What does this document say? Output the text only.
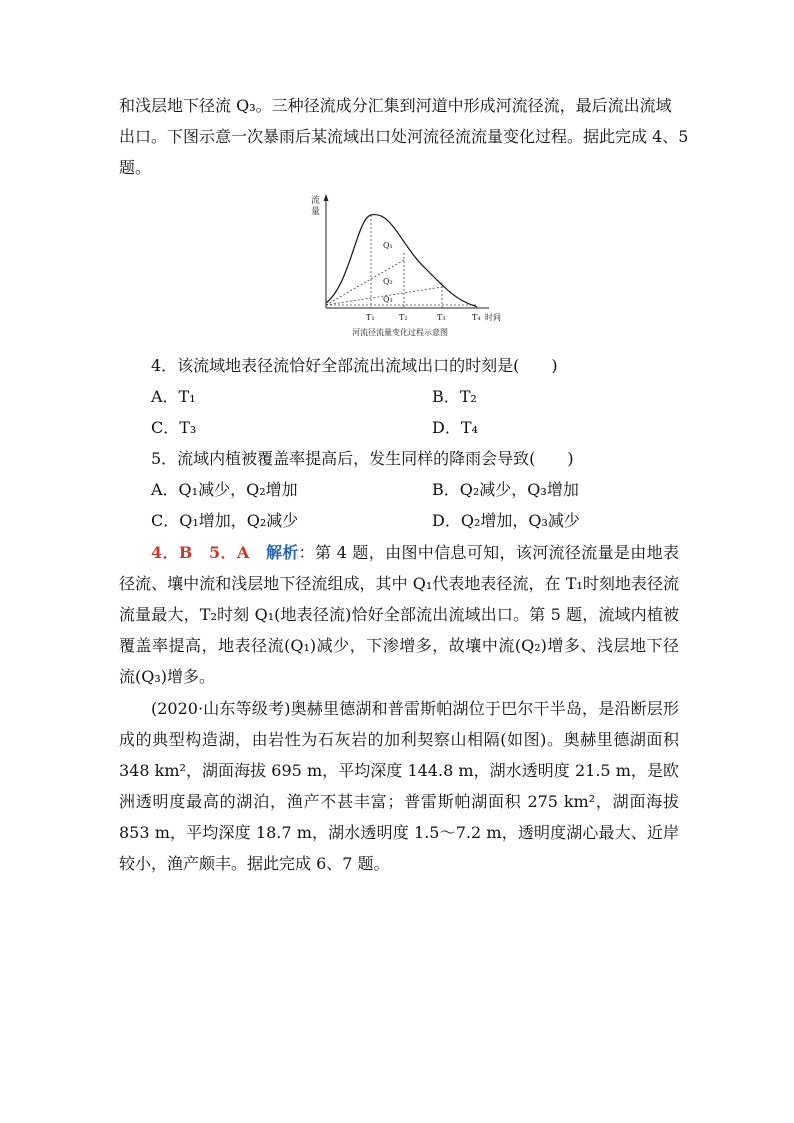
和浅层地下径流 Q₃。三种径流成分汇集到河道中形成河流径流，最后流出流域
出口。下图示意一次暴雨后某流域出口处河流径流流量变化过程。据此完成 4、5
题。
流
量
Q₁
Q₂
Q₃
T₁	T₂	T₃	T₄ 时间
河流径流量变化过程示意图
4．该流域地表径流恰好全部流出流域出口的时刻是(　　)
A．T₁	B．T₂
C．T₃	D．T₄
5．流域内植被覆盖率提高后，发生同样的降雨会导致(　　)
A．Q₁减少，Q₂增加	B．Q₂减少，Q₃增加
C．Q₁增加，Q₂减少	D．Q₂增加，Q₃减少
4．B　5．A　解析：第 4 题，由图中信息可知，该河流径流量是由地表径流、壤中流和浅层地下径流组成，其中 Q₁代表地表径流，在 T₁时刻地表径流流量最大，T₂时刻 Q₁(地表径流)恰好全部流出流域出口。第 5 题，流域内植被覆盖率提高，地表径流(Q₁)减少，下渗增多，故壤中流(Q₂)增多、浅层地下径流(Q₃)增多。
(2020·山东等级考)奥赫里德湖和普雷斯帕湖位于巴尔干半岛，是沿断层形成的典型构造湖，由岩性为石灰岩的加利契察山相隔(如图)。奥赫里德湖面积 348 km²，湖面海拔 695 m，平均深度 144.8 m，湖水透明度 21.5 m，是欧洲透明度最高的湖泊，渔产不甚丰富；普雷斯帕湖面积 275 km²，湖面海拔 853 m，平均深度 18.7 m，湖水透明度 1.5～7.2 m，透明度湖心最大、近岸较小，渔产颇丰。据此完成 6、7 题。
